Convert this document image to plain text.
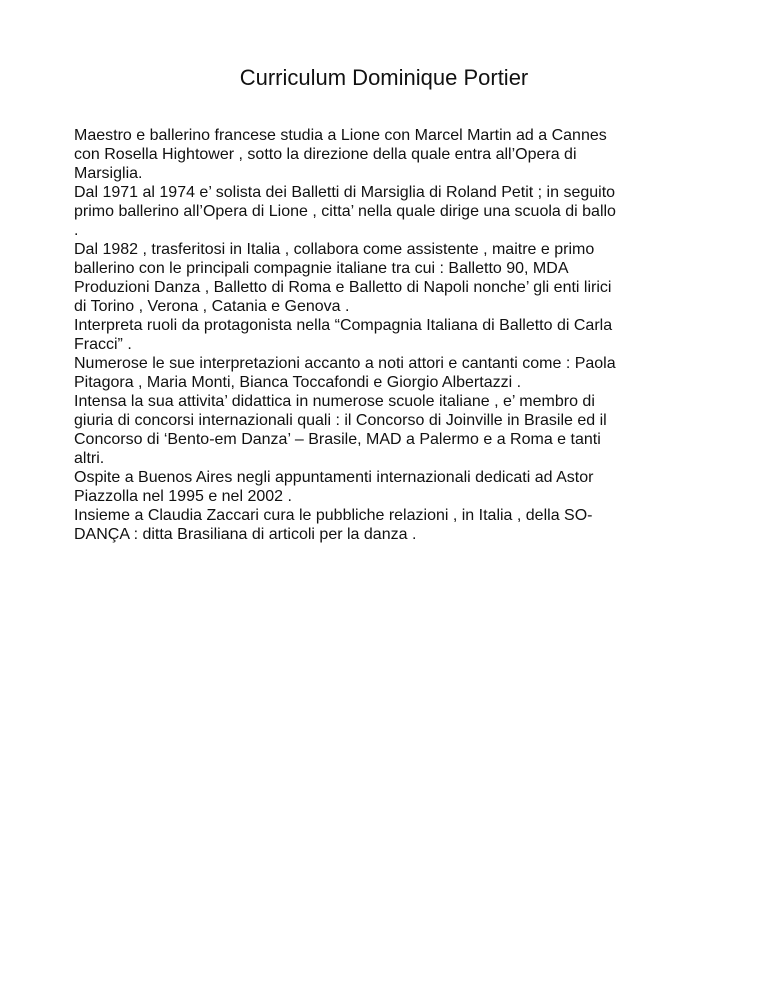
Curriculum Dominique Portier
Maestro e ballerino francese studia a Lione con Marcel Martin ad a Cannes
con Rosella Hightower , sotto la direzione della quale entra all’Opera di
Marsiglia.
Dal 1971 al 1974 e’ solista dei Balletti di Marsiglia di Roland Petit ; in seguito
primo ballerino all’Opera di Lione , citta’ nella quale dirige una scuola di ballo
.
Dal 1982 , trasferitosi in Italia , collabora come assistente , maitre e primo
ballerino con le principali compagnie italiane tra cui : Balletto 90, MDA
Produzioni Danza , Balletto di Roma e Balletto di Napoli nonche’ gli enti lirici
di Torino , Verona , Catania e Genova .
Interpreta ruoli da protagonista nella “Compagnia Italiana di Balletto di Carla
Fracci” .
Numerose le sue interpretazioni accanto a noti attori e cantanti come : Paola
Pitagora , Maria Monti, Bianca Toccafondi e Giorgio Albertazzi .
Intensa la sua attivita’ didattica in numerose scuole italiane , e’ membro di
giuria di concorsi internazionali quali : il Concorso di Joinville in Brasile ed il
Concorso di ‘Bento-em Danza’ – Brasile, MAD a Palermo e a Roma e tanti
altri.
Ospite a Buenos Aires negli appuntamenti internazionali dedicati ad Astor
Piazzolla nel 1995 e nel 2002 .
Insieme a Claudia Zaccari cura le pubbliche relazioni , in Italia , della SO-
DANÇA : ditta Brasiliana di articoli per la danza .
